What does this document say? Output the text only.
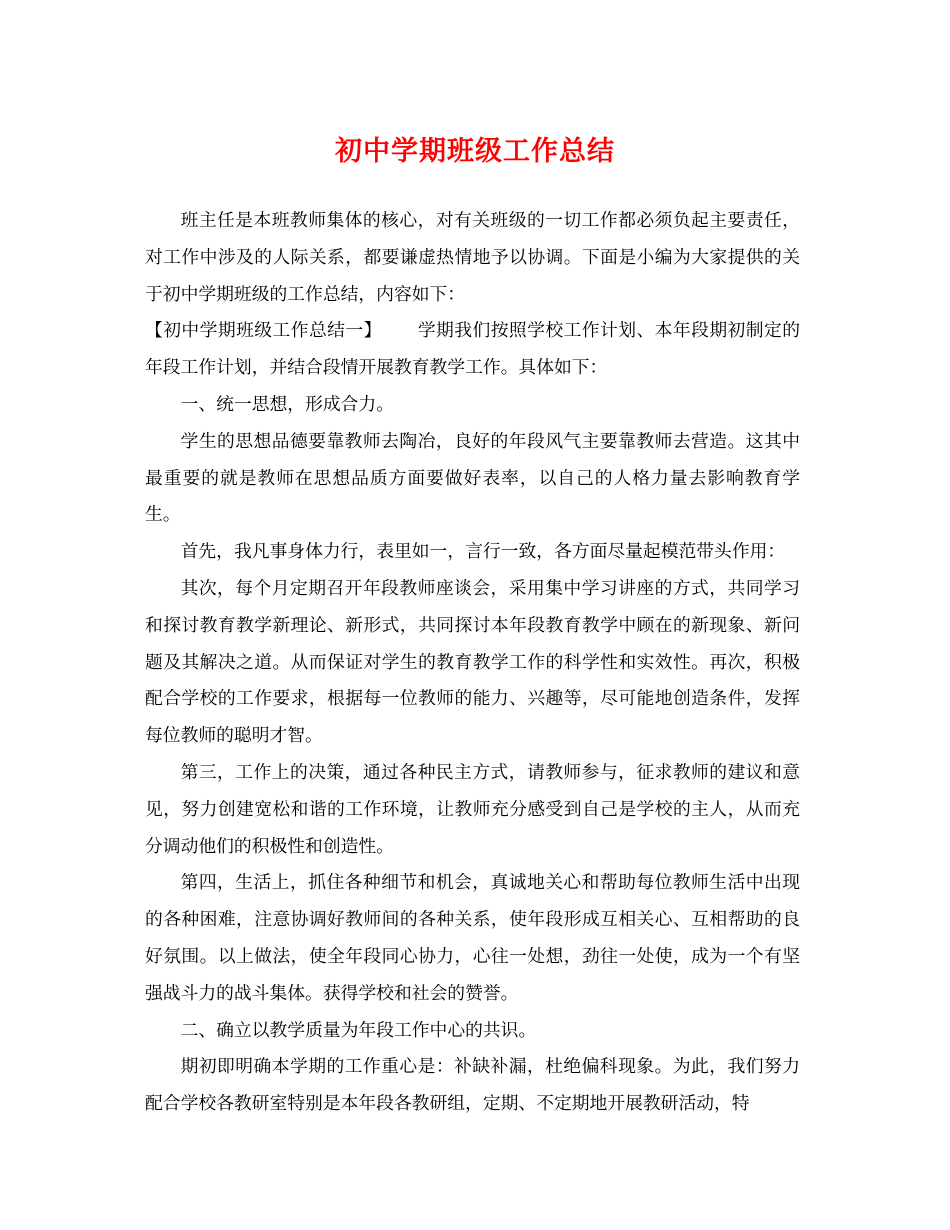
初中学期班级工作总结

班主任是本班教师集体的核心，对有关班级的一切工作都必须负起主要责任，对工作中涉及的人际关系，都要谦虚热情地予以协调。下面是小编为大家提供的关于初中学期班级的工作总结，内容如下：

【初中学期班级工作总结一】 学期我们按照学校工作计划、本年段期初制定的年段工作计划，并结合段情开展教育教学工作。具体如下：

一、统一思想，形成合力。

学生的思想品德要靠教师去陶冶，良好的年段风气主要靠教师去营造。这其中最重要的就是教师在思想品质方面要做好表率，以自己的人格力量去影响教育学生。

首先，我凡事身体力行，表里如一，言行一致，各方面尽量起模范带头作用：

其次，每个月定期召开年段教师座谈会，采用集中学习讲座的方式，共同学习和探讨教育教学新理论、新形式，共同探讨本年段教育教学中顾在的新现象、新问题及其解决之道。从而保证对学生的教育教学工作的科学性和实效性。再次，积极配合学校的工作要求，根据每一位教师的能力、兴趣等，尽可能地创造条件，发挥每位教师的聪明才智。

第三，工作上的决策，通过各种民主方式，请教师参与，征求教师的建议和意见，努力创建宽松和谐的工作环境，让教师充分感受到自己是学校的主人，从而充分调动他们的积极性和创造性。

第四，生活上，抓住各种细节和机会，真诚地关心和帮助每位教师生活中出现的各种困难，注意协调好教师间的各种关系，使年段形成互相关心、互相帮助的良好氛围。以上做法，使全年段同心协力，心往一处想，劲往一处使，成为一个有坚强战斗力的战斗集体。获得学校和社会的赞誉。

二、确立以教学质量为年段工作中心的共识。

期初即明确本学期的工作重心是：补缺补漏，杜绝偏科现象。为此，我们努力配合学校各教研室特别是本年段各教研组，定期、不定期地开展教研活动，特
